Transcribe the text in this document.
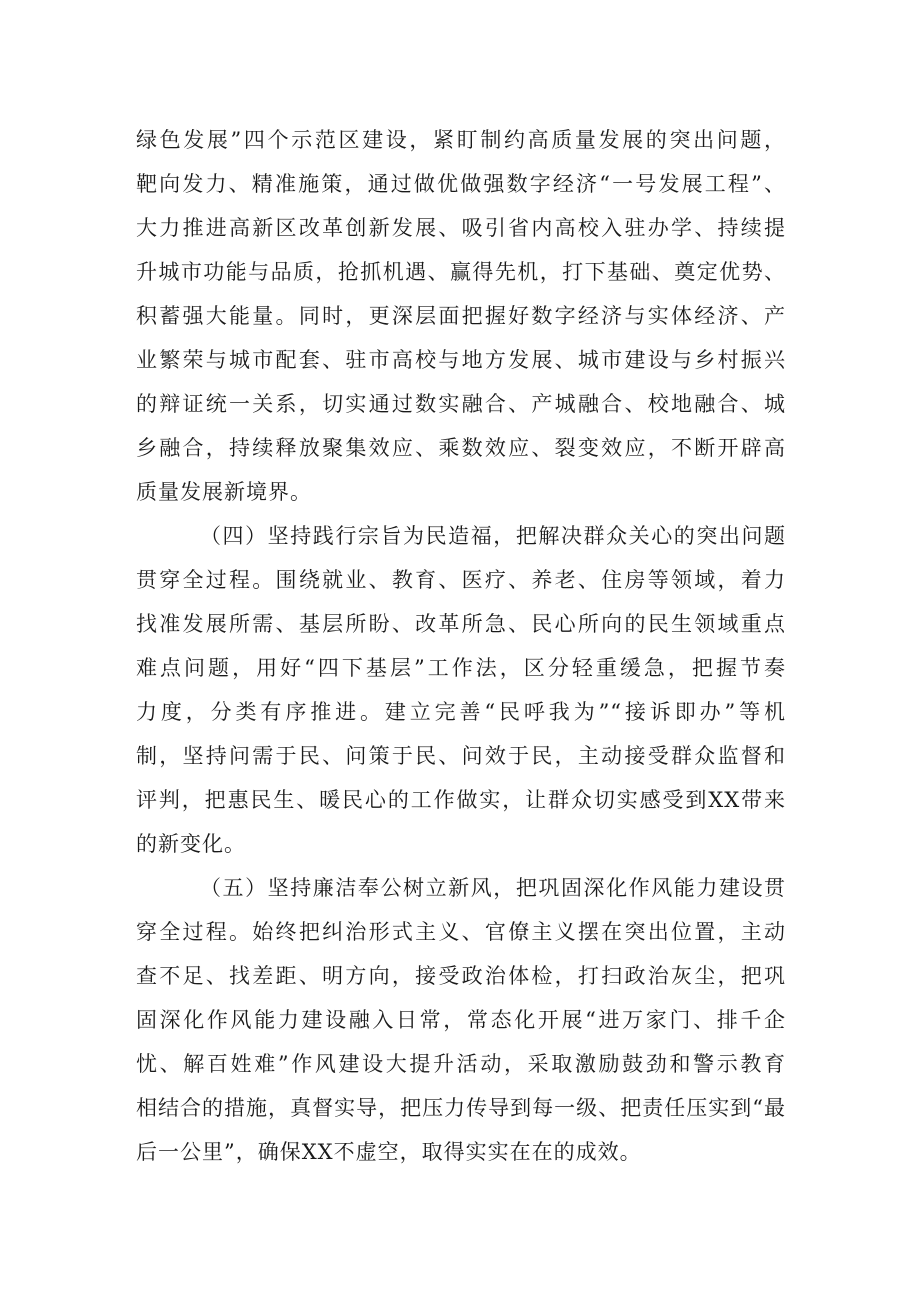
绿色发展”四个示范区建设，紧盯制约高质量发展的突出问题，
靶向发力、精准施策，通过做优做强数字经济“一号发展工程”、
大力推进高新区改革创新发展、吸引省内高校入驻办学、持续提
升城市功能与品质，抢抓机遇、赢得先机，打下基础、奠定优势、
积蓄强大能量。同时，更深层面把握好数字经济与实体经济、产
业繁荣与城市配套、驻市高校与地方发展、城市建设与乡村振兴
的辩证统一关系，切实通过数实融合、产城融合、校地融合、城
乡融合，持续释放聚集效应、乘数效应、裂变效应，不断开辟高
质量发展新境界。
（四）坚持践行宗旨为民造福，把解决群众关心的突出问题
贯穿全过程。围绕就业、教育、医疗、养老、住房等领域，着力
找准发展所需、基层所盼、改革所急、民心所向的民生领域重点
难点问题，用好“四下基层”工作法，区分轻重缓急，把握节奏
力度，分类有序推进。建立完善“民呼我为”“接诉即办”等机
制，坚持问需于民、问策于民、问效于民，主动接受群众监督和
评判，把惠民生、暖民心的工作做实，让群众切实感受到XX带来
的新变化。
（五）坚持廉洁奉公树立新风，把巩固深化作风能力建设贯
穿全过程。始终把纠治形式主义、官僚主义摆在突出位置，主动
查不足、找差距、明方向，接受政治体检，打扫政治灰尘，把巩
固深化作风能力建设融入日常，常态化开展“进万家门、排千企
忧、解百姓难”作风建设大提升活动，采取激励鼓劲和警示教育
相结合的措施，真督实导，把压力传导到每一级、把责任压实到“最
后一公里”，确保XX不虚空，取得实实在在的成效。
